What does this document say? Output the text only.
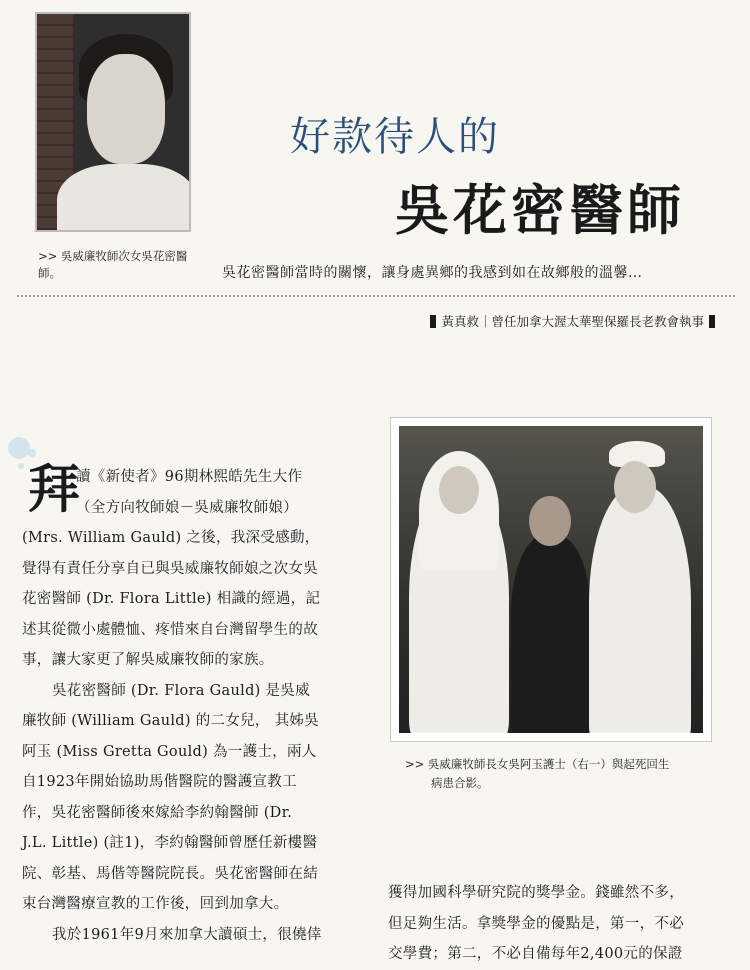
>> 吳威廉牧師次女吳花密醫師。
好款待人的
吳花密醫師
吳花密醫師當時的關懷，讓身處異鄉的我感到如在故鄉般的溫馨…
黃真救｜曾任加拿大渥太華聖保羅長老教會執事
>> 吳威廉牧師長女吳阿玉護士（右一）與起死回生
病患合影。
拜
讀《新使者》96期林熙皓先生大作
（全方向牧師娘－吳威廉牧師娘）
(Mrs. William Gauld) 之後，我深受感動，
覺得有責任分享自已與吳威廉牧師娘之次女吳
花密醫師 (Dr. Flora Little) 相識的經過，記
述其從微小處體恤、疼惜來自台灣留學生的故
事，讓大家更了解吳威廉牧師的家族。
吳花密醫師 (Dr. Flora Gauld) 是吳威
廉牧師 (William Gauld) 的二女兒， 其姊吳
阿玉 (Miss Gretta Gould) 為一護士，兩人
自1923年開始協助馬偕醫院的醫護宣教工
作，吳花密醫師後來嫁給李約翰醫師 (Dr.
J.L. Little) (註1)，李約翰醫師曾歷任新樓醫
院、彰基、馬偕等醫院院長。吳花密醫師在結
束台灣醫療宣教的工作後，回到加拿大。
我於1961年9月來加拿大讀碩士，很僥倖
獲得加國科學研究院的獎學金。錢雖然不多，
但足夠生活。拿獎學金的優點是，第一，不必
交學費；第二，不必自備每年2,400元的保證
